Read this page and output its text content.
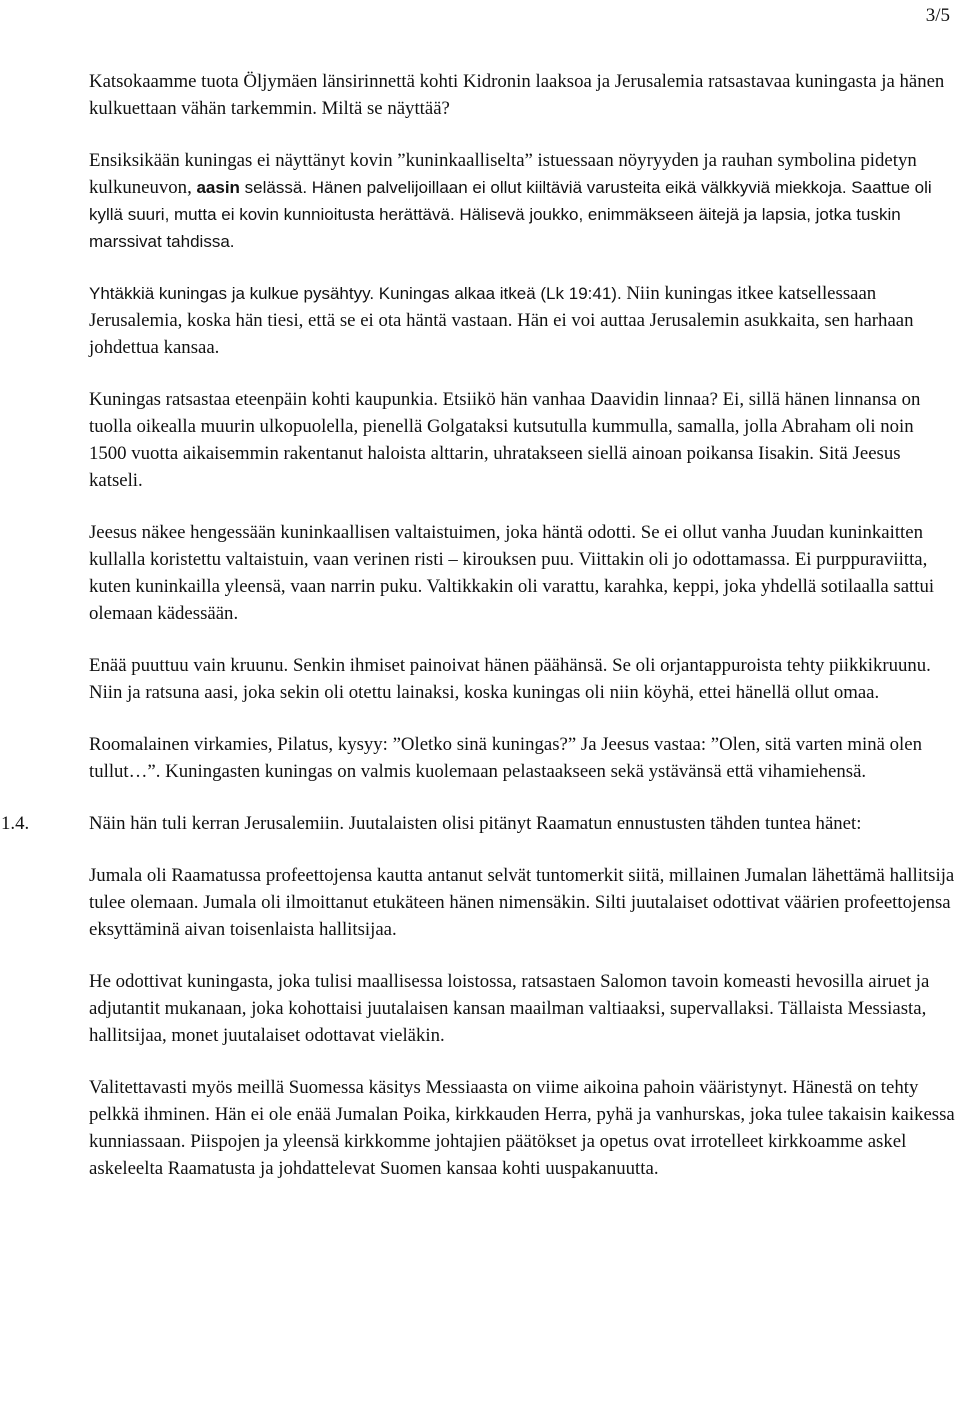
3/5

Katsokaamme tuota Öljymäen länsirinnettä kohti Kidronin laaksoa ja Jerusalemia ratsastavaa kuningasta ja hänen kulkuettaan vähän tarkemmin. Miltä se näyttää?

Ensiksikään kuningas ei näyttänyt kovin ”kuninkaalliselta” istuessaan nöyryyden ja rauhan symbolina pidetyn kulkuneuvon, aasin selässä. Hänen palvelijoillaan ei ollut kiiltäviä varusteita eikä välkkyviä miekkoja. Saattue oli kyllä suuri, mutta ei kovin kunnioitusta herättävä. Hälisevä joukko, enimmäkseen äitejä ja lapsia, jotka tuskin marssivat tahdissa.

Yhtäkkiä kuningas ja kulkue pysähtyy. Kuningas alkaa itkeä (Lk 19:41). Niin kuningas itkee katsellessaan Jerusalemia, koska hän tiesi, että se ei ota häntä vastaan. Hän ei voi auttaa Jerusalemin asukkaita, sen harhaan johdettua kansaa.

Kuningas ratsastaa eteenpäin kohti kaupunkia. Etsiikö hän vanhaa Daavidin linnaa? Ei, sillä hänen linnansa on tuolla oikealla muurin ulkopuolella, pienellä Golgataksi kutsutulla kummulla, samalla, jolla Abraham oli noin 1500 vuotta aikaisemmin rakentanut haloista alttarin, uhratakseen siellä ainoan poikansa Iisakin. Sitä Jeesus katseli.

Jeesus näkee hengessään kuninkaallisen valtaistuimen, joka häntä odotti. Se ei ollut vanha Juudan kuninkaitten kullalla koristettu valtaistuin, vaan verinen risti – kirouksen puu. Viittakin oli jo odottamassa. Ei purppuraviitta, kuten kuninkailla yleensä, vaan narrin puku. Valtikkakin oli varattu, karahka, keppi, joka yhdellä sotilaalla sattui olemaan kädessään.

Enää puuttuu vain kruunu. Senkin ihmiset painoivat hänen päähänsä. Se oli orjantappuroista tehty piikkikruunu. Niin ja ratsuna aasi, joka sekin oli otettu lainaksi, koska kuningas oli niin köyhä, ettei hänellä ollut omaa.

Roomalainen virkamies, Pilatus, kysyy: ”Oletko sinä kuningas?” Ja Jeesus vastaa: ”Olen, sitä varten minä olen tullut…”. Kuningasten kuningas on valmis kuolemaan pelastaakseen sekä ystävänsä että vihamiehensä.

1.4.	Näin hän tuli kerran Jerusalemiin. Juutalaisten olisi pitänyt Raamatun ennustusten tähden tuntea hänet:

Jumala oli Raamatussa profeettojensa kautta antanut selvät tuntomerkit siitä, millainen Jumalan lähettämä hallitsija tulee olemaan. Jumala oli ilmoittanut etukäteen hänen nimensäkin. Silti juutalaiset odottivat väärien profeettojensa eksyttäminä aivan toisenlaista hallitsijaa.

He odottivat kuningasta, joka tulisi maallisessa loistossa, ratsastaen Salomon tavoin komeasti hevosilla airuet ja adjutantit mukanaan, joka kohottaisi juutalaisen kansan maailman valtiaaksi, supervallaksi. Tällaista Messiasta, hallitsijaa, monet juutalaiset odottavat vieläkin.

Valitettavasti myös meillä Suomessa käsitys Messiaasta on viime aikoina pahoin vääristynyt. Hänestä on tehty pelkkä ihminen. Hän ei ole enää Jumalan Poika, kirkkauden Herra, pyhä ja vanhurskas, joka tulee takaisin kaikessa kunniassaan. Piispojen ja yleensä kirkkomme johtajien päätökset ja opetus ovat irrotelleet kirkkoamme askel askeleelta Raamatusta ja johdattelevat Suomen kansaa kohti uuspakanuutta.
